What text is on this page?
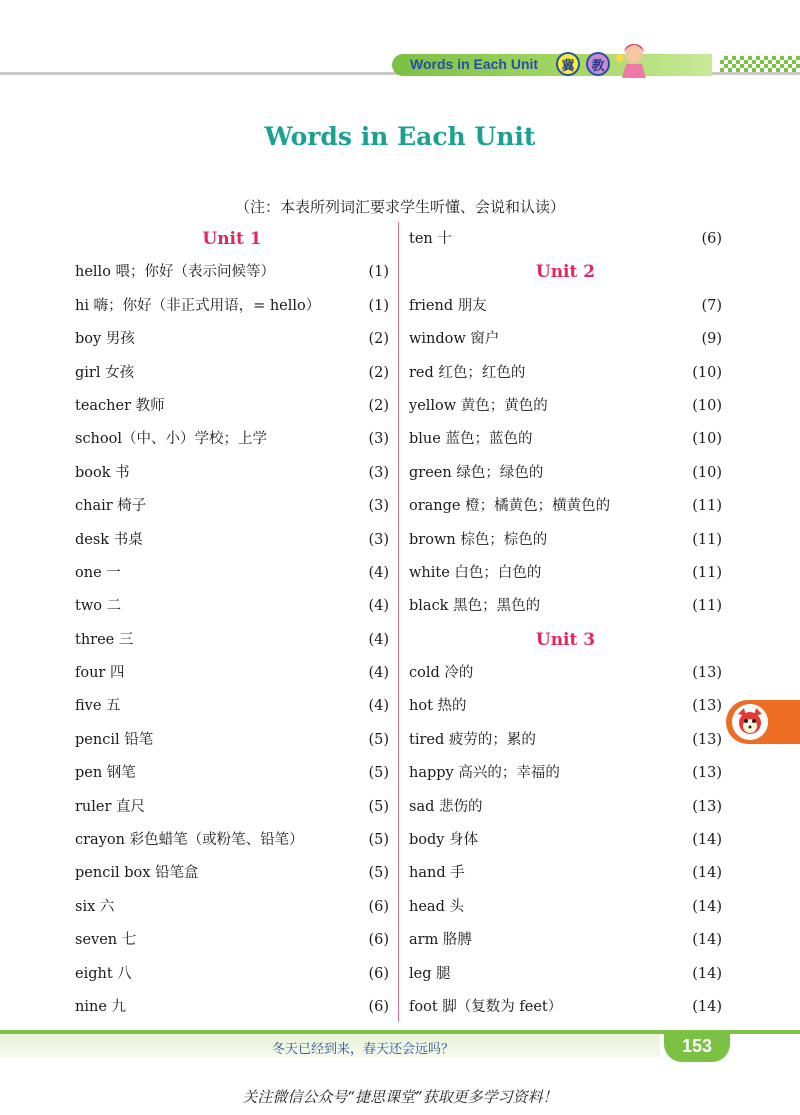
Words in Each Unit	冀	教
Words in Each Unit
（注：本表所列词汇要求学生听懂、会说和认读）
Unit 1
hello 喂；你好（表示问候等）	(1)
hi 嗨；你好（非正式用语，= hello）	(1)
boy 男孩	(2)
girl 女孩	(2)
teacher 教师	(2)
school（中、小）学校；上学	(3)
book 书	(3)
chair 椅子	(3)
desk 书桌	(3)
one 一	(4)
two 二	(4)
three 三	(4)
four 四	(4)
five 五	(4)
pencil 铅笔	(5)
pen 钢笔	(5)
ruler 直尺	(5)
crayon 彩色蜡笔（或粉笔、铅笔）	(5)
pencil box 铅笔盒	(5)
six 六	(6)
seven 七	(6)
eight 八	(6)
nine 九	(6)
ten 十	(6)
Unit 2
friend 朋友	(7)
window 窗户	(9)
red 红色；红色的	(10)
yellow 黄色；黄色的	(10)
blue 蓝色；蓝色的	(10)
green 绿色；绿色的	(10)
orange 橙；橘黄色；横黄色的	(11)
brown 棕色；棕色的	(11)
white 白色；白色的	(11)
black 黑色；黑色的	(11)
Unit 3
cold 冷的	(13)
hot 热的	(13)
tired 疲劳的；累的	(13)
happy 高兴的；幸福的	(13)
sad 悲伤的	(13)
body 身体	(14)
hand 手	(14)
head 头	(14)
arm 胳膊	(14)
leg 腿	(14)
foot 脚（复数为 feet）	(14)
冬天已经到来，春天还会远吗？	153
关注微信公众号“捷思课堂”获取更多学习资料！
